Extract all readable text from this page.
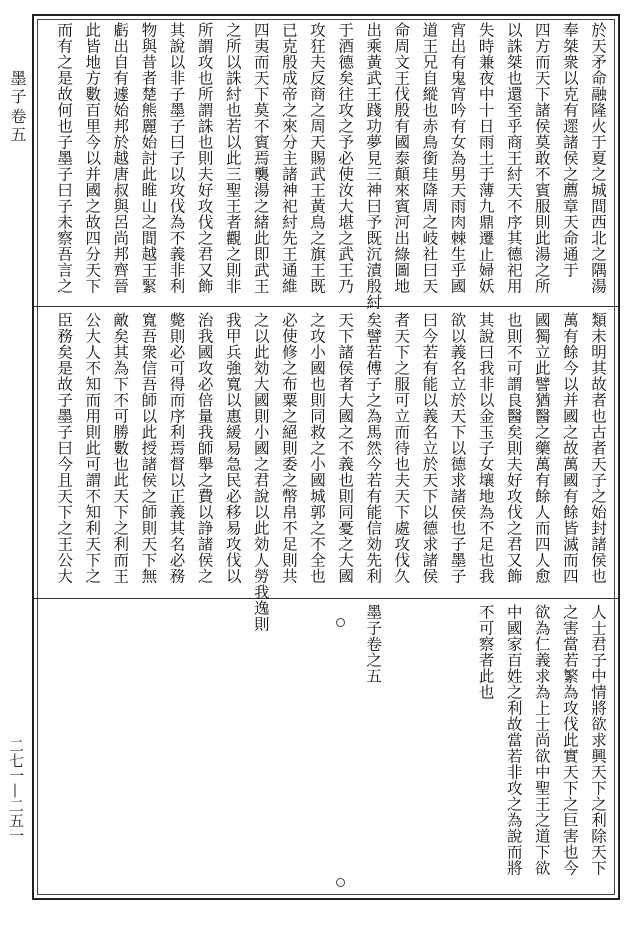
墨子
卷五
二七一—二五一
於天矛命融隆火于夏之城間西北之隅湯
奉桀衆以克有遝諸侯之薦章天命通于
四方而天下諸侯莫敢不賓服則此湯之所
以誅桀也還至乎商王紂天不序其德祀用
失時兼夜中十日雨土于薄九鼎遷止婦妖
宵出有鬼宵吟有女為男天雨肉棘生乎國
道王兄自縱也赤鳥銜珪降周之岐社曰天
命周文王伐殷有國泰顛來賓河出綠圖地
出乘黃武王踐功夢見三神曰予既沉漬殷紂
于酒德矣往攻之予必使汝大堪之武王乃
攻狂夫反商之周天賜武王黃鳥之旗王既
已克殷成帝之來分主諸神祀紂先王通維
四夷而天下莫不賓焉襲湯之緒此即武王
之所以誅紂也若以此三聖王者觀之則非
所謂攻也所謂誅也則夫好攻伐之君又飾
其說以非子墨子曰子以攻伐為不義非利
物與昔者楚熊麗始討此睢山之間越王緊
虧出自有遽始邦於越唐叔與呂尚邦齊晉
此皆地方數百里今以并國之故四分天下
而有之是故何也子墨子曰子未察吾言之
類未明其故者也古者天子之始封諸侯也
萬有餘今以并國之故萬國有餘皆滅而四
國獨立此譬猶醫之藥萬有餘人而四人愈
也則不可謂良醫矣則夫好攻伐之君又飾
其說曰我非以金玉子女壤地為不足也我
欲以義名立於天下以德求諸侯也子墨子
曰今若有能以義名立於天下以德求諸侯
者天下之服可立而待也夫天下處攻伐久
矣譬若傅子之為馬然今若有能信効先利
天下諸侯者大國之不義也則同憂之大國
之攻小國也則同救之小國城郭之不全也
必使修之布粟之絕則委之幣帛不足則共
之以此効大國則小國之君說以此効人勞我逸則
我甲兵強寬以惠緩易急民必移易攻伐以
治我國攻必倍量我師舉之費以諍諸侯之
斃則必可得而序利焉督以正義其名必務
寬吾衆信吾師以此授諸侯之師則天下無
敵矣其為下不可勝數也此天下之利而王
公大人不知而用則此可謂不知利天下之
臣務矣是故子墨子曰今且天下之王公大
人士君子中情將欲求興天下之利除天下
之害當若繁為攻伐此實天下之巨害也今
欲為仁義求為上士尚欲中聖王之道下欲
中國家百姓之利故當若非攻之為說而將
不可察者此也
墨子卷之五
